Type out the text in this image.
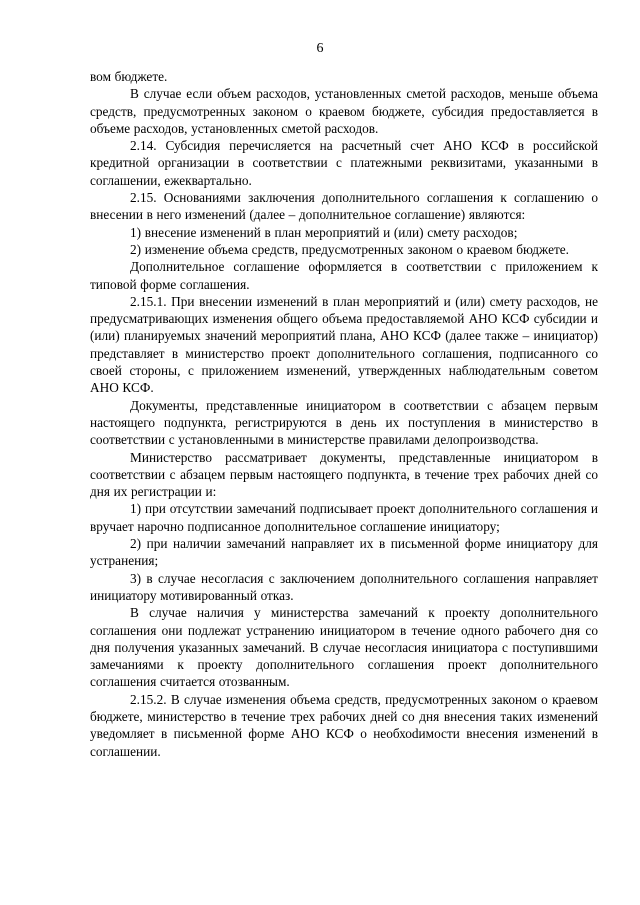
6

вом бюджете.

В случае если объем расходов, установленных сметой расходов, меньше объема средств, предусмотренных законом о краевом бюджете, субсидия предоставляется в объеме расходов, установленных сметой расходов.

2.14. Субсидия перечисляется на расчетный счет АНО КСФ в российской кредитной организации в соответствии с платежными реквизитами, указанными в соглашении, ежеквартально.

2.15. Основаниями заключения дополнительного соглашения к соглашению о внесении в него изменений (далее – дополнительное соглашение) являются:

1) внесение изменений в план мероприятий и (или) смету расходов;

2) изменение объема средств, предусмотренных законом о краевом бюджете.

Дополнительное соглашение оформляется в соответствии с приложением к типовой форме соглашения.

2.15.1. При внесении изменений в план мероприятий и (или) смету расходов, не предусматривающих изменения общего объема предоставляемой АНО КСФ субсидии и (или) планируемых значений мероприятий плана, АНО КСФ (далее также – инициатор) представляет в министерство проект дополнительного соглашения, подписанного со своей стороны, с приложением изменений, утвержденных наблюдательным советом АНО КСФ.

Документы, представленные инициатором в соответствии с абзацем первым настоящего подпункта, регистрируются в день их поступления в министерство в соответствии с установленными в министерстве правилами делопроизводства.

Министерство рассматривает документы, представленные инициатором в соответствии с абзацем первым настоящего подпункта, в течение трех рабочих дней со дня их регистрации и:

1) при отсутствии замечаний подписывает проект дополнительного соглашения и вручает нарочно подписанное дополнительное соглашение инициатору;

2) при наличии замечаний направляет их в письменной форме инициатору для устранения;

3) в случае несогласия с заключением дополнительного соглашения направляет инициатору мотивированный отказ.

В случае наличия у министерства замечаний к проекту дополнительного соглашения они подлежат устранению инициатором в течение одного рабочего дня со дня получения указанных замечаний. В случае несогласия инициатора с поступившими замечаниями к проекту дополнительного соглашения проект дополнительного соглашения считается отозванным.

2.15.2. В случае изменения объема средств, предусмотренных законом о краевом бюджете, министерство в течение трех рабочих дней со дня внесения таких изменений уведомляет в письменной форме АНО КСФ о необхоdимости внесения изменений в соглашении.
